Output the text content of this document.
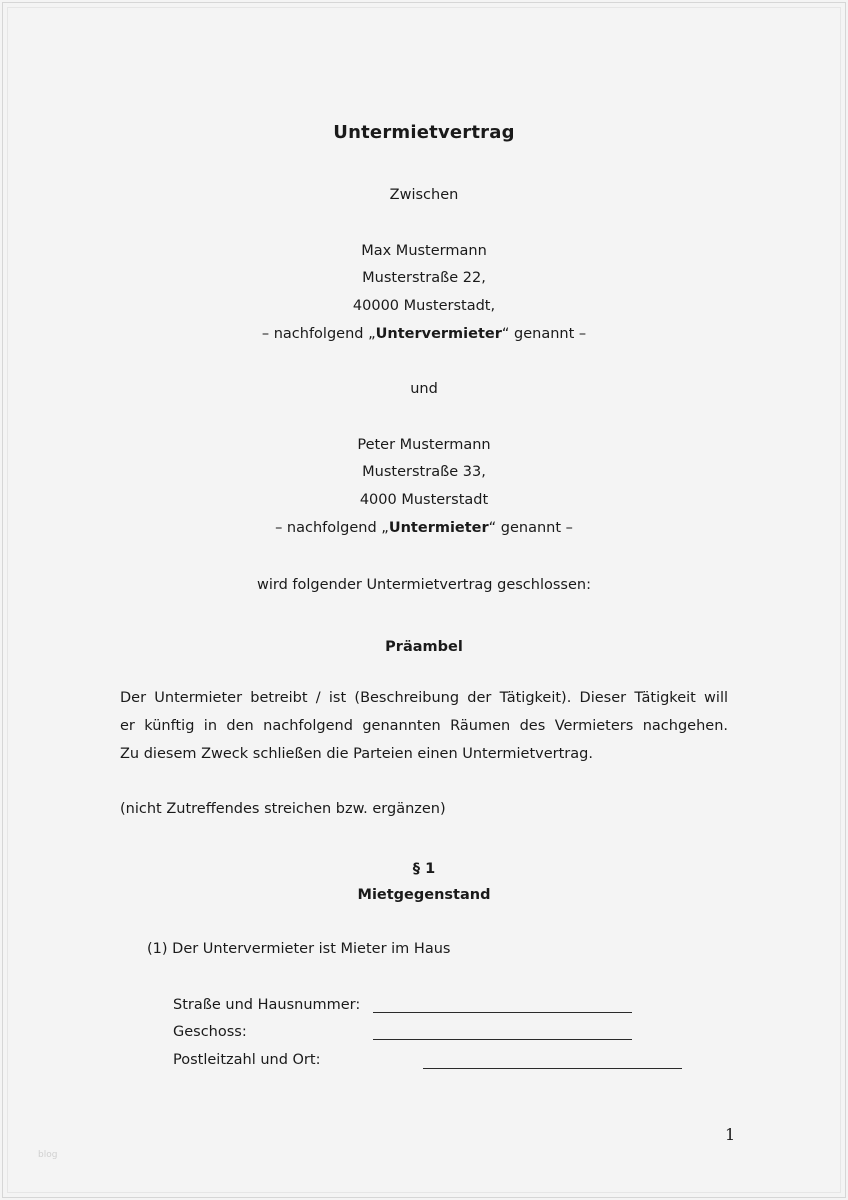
Untermietvertrag
Zwischen
Max Mustermann
Musterstraße 22,
40000 Musterstadt,
– nachfolgend „Untervermieter“ genannt –
und
Peter Mustermann
Musterstraße 33,
4000 Musterstadt
– nachfolgend „Untermieter“ genannt –
wird folgender Untermietvertrag geschlossen:
Präambel
Der Untermieter betreibt / ist (Beschreibung der Tätigkeit). Dieser Tätigkeit will
er künftig in den nachfolgend genannten Räumen des Vermieters nachgehen.
Zu diesem Zweck schließen die Parteien einen Untermietvertrag.
(nicht Zutreffendes streichen bzw. ergänzen)
§ 1
Mietgegenstand
(1) Der Untervermieter ist Mieter im Haus
Straße und Hausnummer:
Geschoss:
Postleitzahl und Ort:
1
blog
